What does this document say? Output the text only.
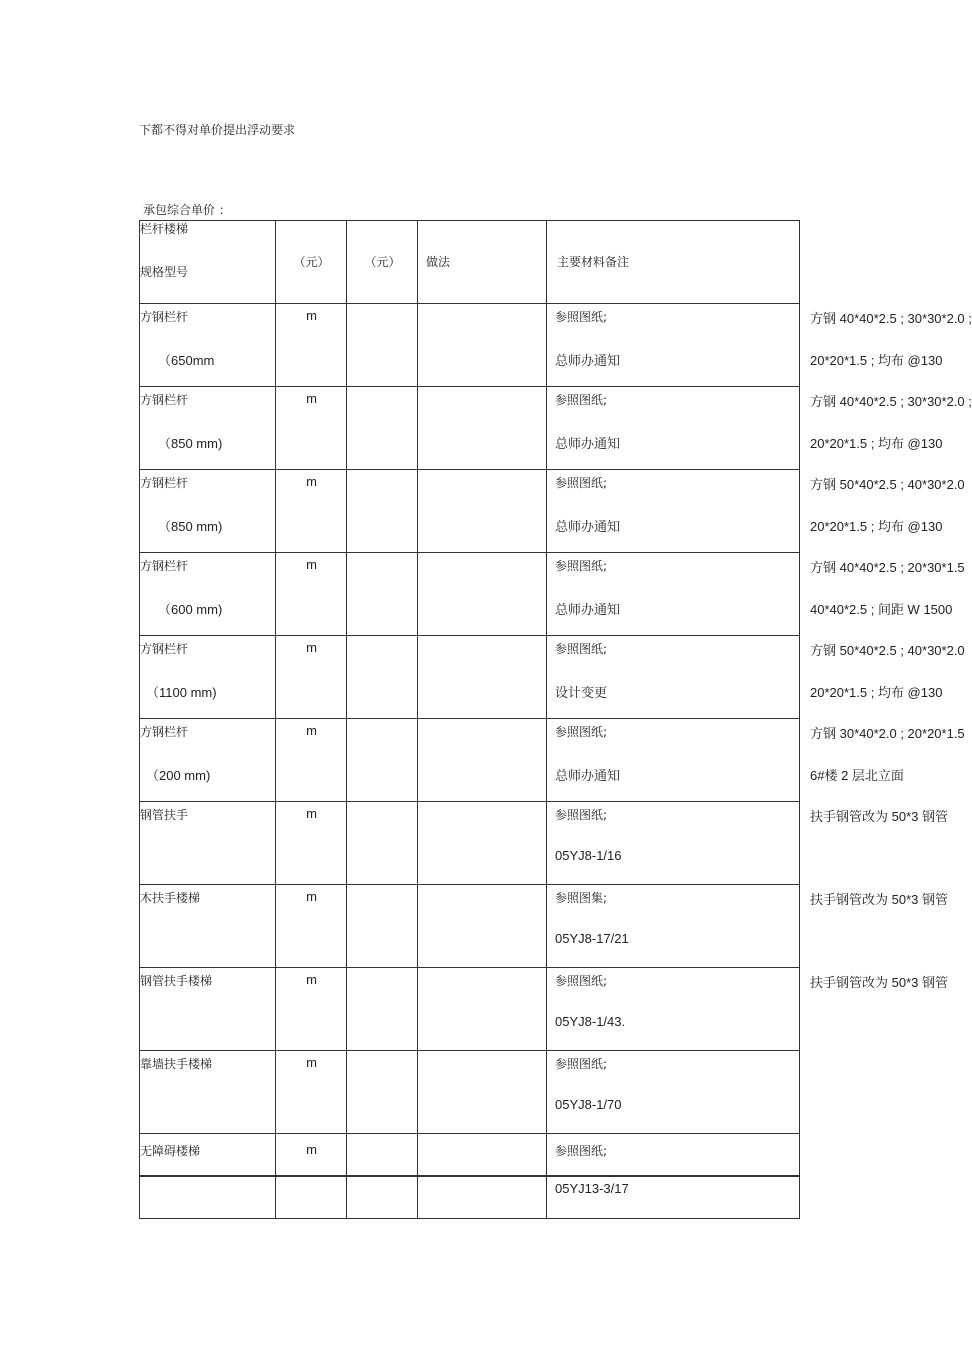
下都不得对单价提出浮动要求
承包综合单价 ：
栏杆楼梯
规格型号	（元）	（元）	做法	主要材料备注	

方钢栏杆
（650mm	m			参照图纸;
总师办通知	方钢 40*40*2.5 ; 30*30*2.0 ;
20*20*1.5 ; 均布 @130

方钢栏杆
（850 mm)	m			参照图纸;
总师办通知	方钢 40*40*2.5 ; 30*30*2.0 ;
20*20*1.5 ; 均布 @130

方钢栏杆
（850 mm)	m			参照图纸;
总师办通知	方钢 50*40*2.5 ; 40*30*2.0
20*20*1.5 ; 均布 @130

方钢栏杆
（600 mm)	m			参照图纸;
总师办通知	方钢 40*40*2.5 ; 20*30*1.5
40*40*2.5 ; 间距 W 1500

方钢栏杆
（1100 mm)	m			参照图纸;
设计变更	方钢 50*40*2.5 ; 40*30*2.0
20*20*1.5 ; 均布 @130

方钢栏杆
（200 mm)	m			参照图纸;
总师办通知	方钢 30*40*2.0 ; 20*20*1.5
6#楼 2 层北立面

钢管扶手	m			参照图纸;
05YJ8-1/16	扶手钢管改为 50*3 钢管

木扶手楼梯	m			参照图集;
05YJ8-17/21	扶手钢管改为 50*3 钢管

钢管扶手楼梯	m			参照图纸;
05YJ8-1/43.	扶手钢管改为 50*3 钢管

靠墙扶手楼梯	m			参照图纸;
05YJ8-1/70	

无障碍楼梯	m			参照图纸;	

				05YJ13-3/17	
